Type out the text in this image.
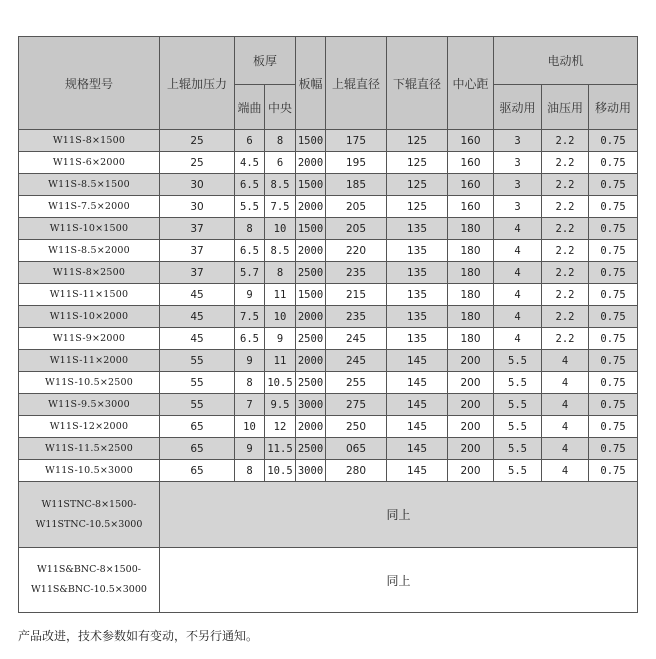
规格型号	上辊加压力	板厚		板幅	上辊直径	下辊直径	中心距	电动机		
		端曲	中央					驱动用	油压用	移动用
W11S-8×1500	25	6	8	1500	175	125	160	3	2.2	0.75
W11S-6×2000	25	4.5	6	2000	195	125	160	3	2.2	0.75
W11S-8.5×1500	30	6.5	8.5	1500	185	125	160	3	2.2	0.75
W11S-7.5×2000	30	5.5	7.5	2000	205	125	160	3	2.2	0.75
W11S-10×1500	37	8	10	1500	205	135	180	4	2.2	0.75
W11S-8.5×2000	37	6.5	8.5	2000	220	135	180	4	2.2	0.75
W11S-8×2500	37	5.7	8	2500	235	135	180	4	2.2	0.75
W11S-11×1500	45	9	11	1500	215	135	180	4	2.2	0.75
W11S-10×2000	45	7.5	10	2000	235	135	180	4	2.2	0.75
W11S-9×2000	45	6.5	9	2500	245	135	180	4	2.2	0.75
W11S-11×2000	55	9	11	2000	245	145	200	5.5	4	0.75
W11S-10.5×2500	55	8	10.5	2500	255	145	200	5.5	4	0.75
W11S-9.5×3000	55	7	9.5	3000	275	145	200	5.5	4	0.75
W11S-12×2000	65	10	12	2000	250	145	200	5.5	4	0.75
W11S-11.5×2500	65	9	11.5	2500	065	145	200	5.5	4	0.75
W11S-10.5×3000	65	8	10.5	3000	280	145	200	5.5	4	0.75

W11STNC-8×1500-
W11STNC-10.5×3000	同上									

W11S&BNC-8×1500-
W11S&BNC-10.5×3000	同上									
产品改进，技术参数如有变动，不另行通知。
